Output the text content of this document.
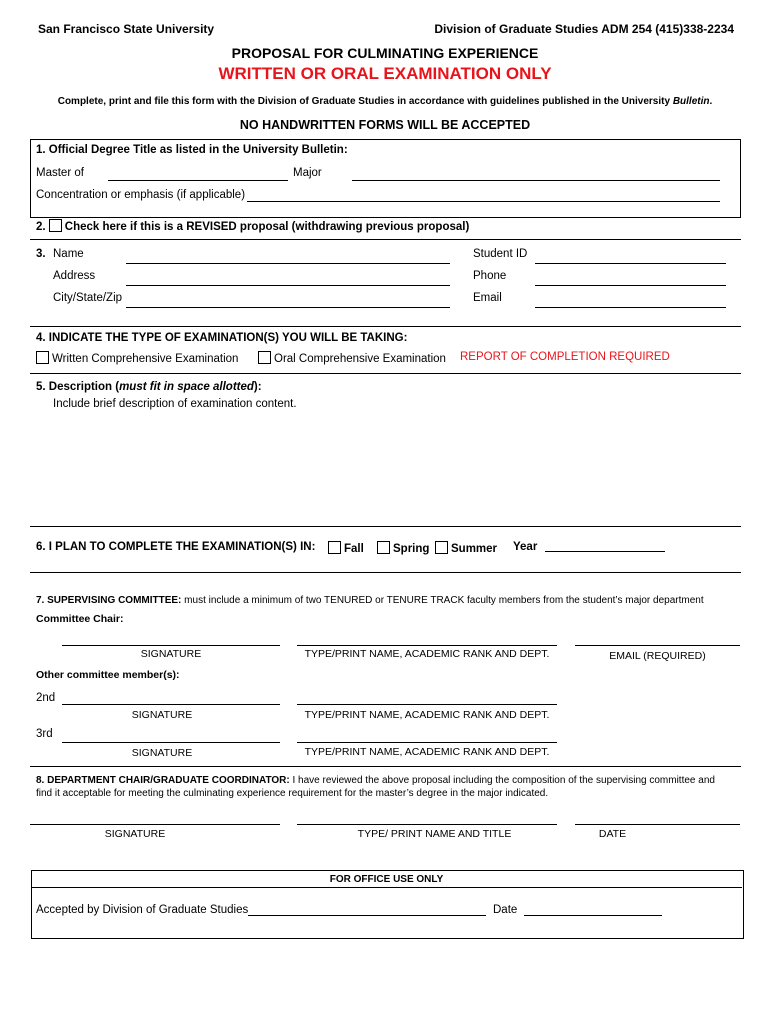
San Francisco State University	Division of Graduate Studies ADM 254 (415)338-2234
PROPOSAL FOR CULMINATING EXPERIENCE
WRITTEN OR ORAL EXAMINATION ONLY
Complete, print and file this form with the Division of Graduate Studies in accordance with guidelines published in the University Bulletin.
NO HANDWRITTEN FORMS WILL BE ACCEPTED
1. Official Degree Title as listed in the University Bulletin:
Master of	Major
Concentration or emphasis (if applicable)
2. Check here if this is a REVISED proposal (withdrawing previous proposal)
3. Name	Student ID
Address	Phone
City/State/Zip	Email
4. INDICATE THE TYPE OF EXAMINATION(S) YOU WILL BE TAKING:
Written Comprehensive Examination	Oral Comprehensive Examination REPORT OF COMPLETION REQUIRED
5. Description (must fit in space allotted):
Include brief description of examination content.
6. I PLAN TO COMPLETE THE EXAMINATION(S) IN:	Fall	Spring	Summer Year
7. SUPERVISING COMMITTEE: must include a minimum of two TENURED or TENURE TRACK faculty members from the student’s major department
Committee Chair:
SIGNATURE	TYPE/PRINT NAME, ACADEMIC RANK AND DEPT.	EMAIL (REQUIRED)
Other committee member(s):
2nd
SIGNATURE	TYPE/PRINT NAME, ACADEMIC RANK AND DEPT.
3rd
SIGNATURE	TYPE/PRINT NAME, ACADEMIC RANK AND DEPT.
8. DEPARTMENT CHAIR/GRADUATE COORDINATOR: I have reviewed the above proposal including the composition of the supervising committee and
find it acceptable for meeting the culminating experience requirement for the master’s degree in the major indicated.
SIGNATURE	TYPE/ PRINT NAME AND TITLE	DATE
FOR OFFICE USE ONLY
Accepted by Division of Graduate Studies	Date
